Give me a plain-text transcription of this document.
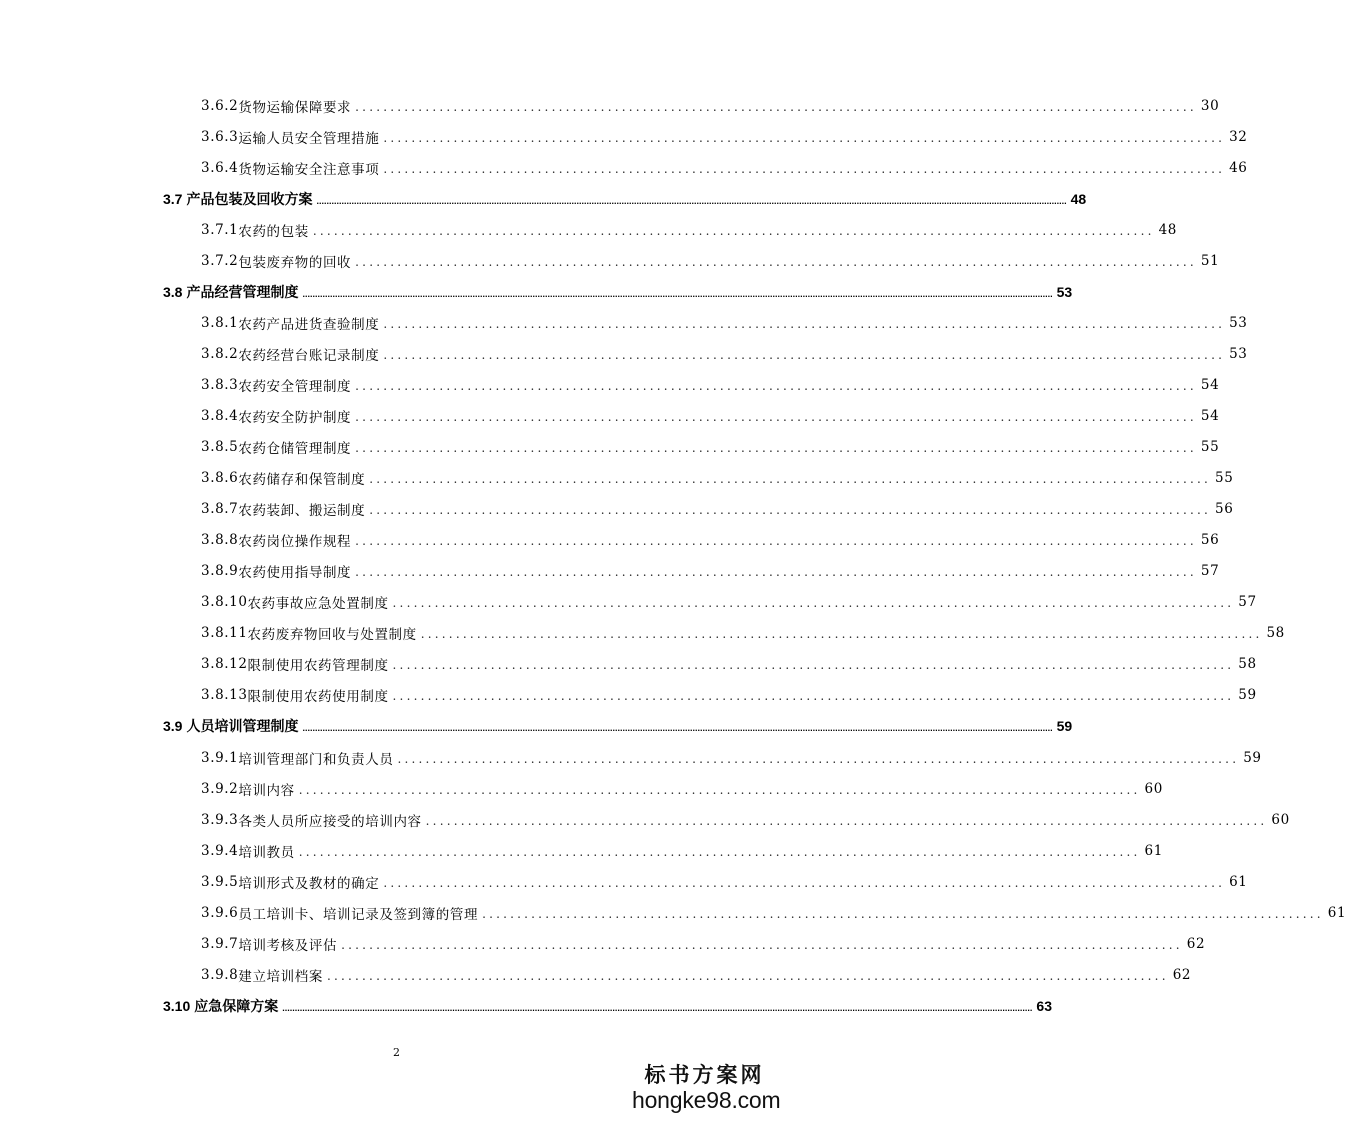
3.6.2 货物运输保障要求 ........................................................................................................................ 30
3.6.3 运输人员安全管理措施 ........................................................................................................................ 32
3.6.4 货物运输安全注意事项 ........................................................................................................................ 46
3.7 产品包装及回收方案 ............................................................................................................................................................................................................................................................................................................ 48
3.7.1 农药的包装 ........................................................................................................................ 48
3.7.2 包装废弃物的回收 ........................................................................................................................ 51
3.8 产品经营管理制度 ............................................................................................................................................................................................................................................................................................................ 53
3.8.1 农药产品进货查验制度 ........................................................................................................................ 53
3.8.2 农药经营台账记录制度 ........................................................................................................................ 53
3.8.3 农药安全管理制度 ........................................................................................................................ 54
3.8.4 农药安全防护制度 ........................................................................................................................ 54
3.8.5 农药仓储管理制度 ........................................................................................................................ 55
3.8.6 农药储存和保管制度 ........................................................................................................................ 55
3.8.7 农药装卸、搬运制度 ........................................................................................................................ 56
3.8.8 农药岗位操作规程 ........................................................................................................................ 56
3.8.9 农药使用指导制度 ........................................................................................................................ 57
3.8.10 农药事故应急处置制度 ........................................................................................................................ 57
3.8.11 农药废弃物回收与处置制度 ........................................................................................................................ 58
3.8.12 限制使用农药管理制度 ........................................................................................................................ 58
3.8.13 限制使用农药使用制度 ........................................................................................................................ 59
3.9 人员培训管理制度 ............................................................................................................................................................................................................................................................................................................ 59
3.9.1 培训管理部门和负责人员 ........................................................................................................................ 59
3.9.2 培训内容 ........................................................................................................................ 60
3.9.3 各类人员所应接受的培训内容 ........................................................................................................................ 60
3.9.4 培训教员 ........................................................................................................................ 61
3.9.5 培训形式及教材的确定 ........................................................................................................................ 61
3.9.6 员工培训卡、培训记录及签到簿的管理 ........................................................................................................................ 61
3.9.7 培训考核及评估 ........................................................................................................................ 62
3.9.8 建立培训档案 ........................................................................................................................ 62
3.10 应急保障方案 ............................................................................................................................................................................................................................................................................................................ 63
2
标书方案网
hongke98.com
